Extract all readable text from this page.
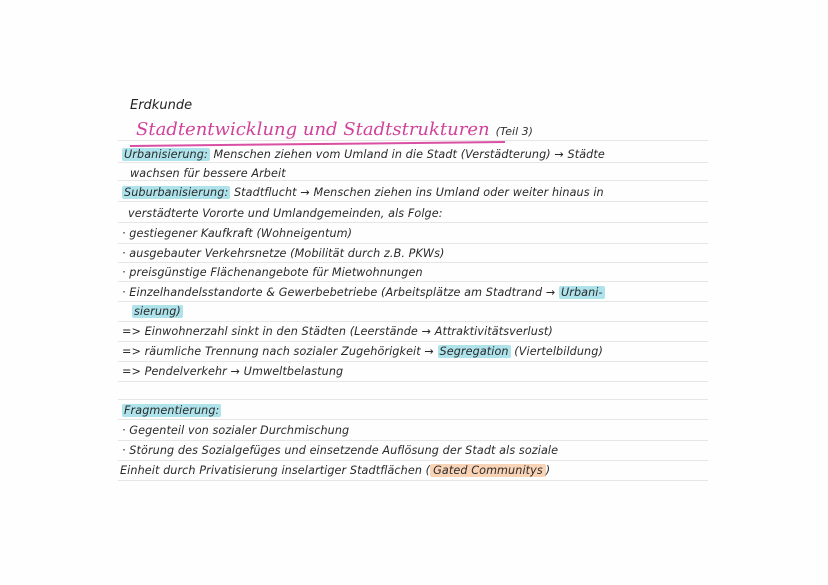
Erdkunde
Stadtentwicklung und Stadtstrukturen (Teil 3)
Urbanisierung: Menschen ziehen vom Umland in die Stadt (Verstädterung) → Städte
wachsen für bessere Arbeit
Suburbanisierung: Stadtflucht → Menschen ziehen ins Umland oder weiter hinaus in
verstädterte Vororte und Umlandgemeinden, als Folge:
· gestiegener Kaufkraft (Wohneigentum)
· ausgebauter Verkehrsnetze (Mobilität durch z.B. PKWs)
· preisgünstige Flächenangebote für Mietwohnungen
· Einzelhandelsstandorte & Gewerbebetriebe (Arbeitsplätze am Stadtrand → Urbani-
sierung)
=> Einwohnerzahl sinkt in den Städten (Leerstände → Attraktivitätsverlust)
=> räumliche Trennung nach sozialer Zugehörigkeit → Segregation (Viertelbildung)
=> Pendelverkehr → Umweltbelastung
Fragmentierung:
· Gegenteil von sozialer Durchmischung
· Störung des Sozialgefüges und einsetzende Auflösung der Stadt als soziale
Einheit durch Privatisierung inselartiger Stadtflächen ( Gated Communitys )
